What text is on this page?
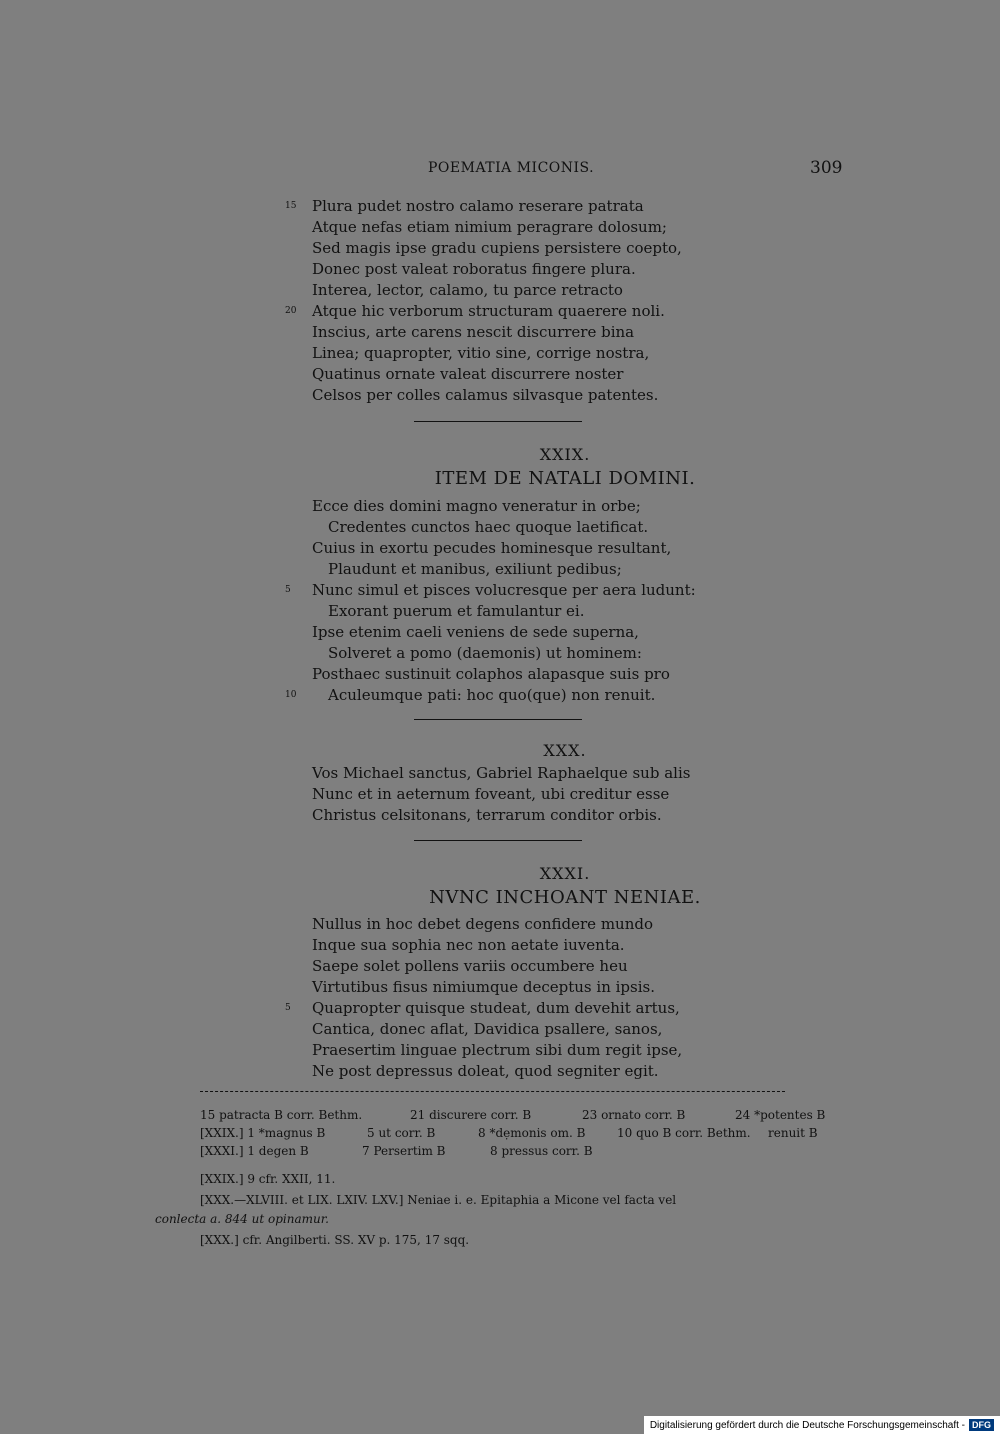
POEMATIA MICONIS.	309
15 Plura pudet nostro calamo reserare patrata
Atque nefas etiam nimium peragrare dolosum;
Sed magis ipse gradu cupiens persistere coepto,
Donec post valeat roboratus fingere plura.
Interea, lector, calamo, tu parce retracto
20 Atque hic verborum structuram quaerere noli.
Inscius, arte carens nescit discurrere bina
Linea; quapropter, vitio sine, corrige nostra,
Quatinus ornate valeat discurrere noster
Celsos per colles calamus silvasque patentes.
XXIX.
ITEM DE NATALI DOMINI.
Ecce dies domini magno veneratur in orbe;
Credentes cunctos haec quoque laetificat.
Cuius in exortu pecudes hominesque resultant,
Plaudunt et manibus, exiliunt pedibus;
5 Nunc simul et pisces volucresque per aera ludunt:
Exorant puerum et famulantur ei.
Ipse etenim caeli veniens de sede superna,
Solveret a pomo (daemonis) ut hominem:
Posthaec sustinuit colaphos alapasque suis pro
10 Aculeumque pati: hoc quo(que) non renuit.
XXX.
Vos Michael sanctus, Gabriel Raphaelque sub alis
Nunc et in aeternum foveant, ubi creditur esse
Christus celsitonans, terrarum conditor orbis.
XXXI.
NVNC INCHOANT NENIAE.
Nullus in hoc debet degens confidere mundo
Inque sua sophia nec non aetate iuventa.
Saepe solet pollens variis occumbere heu
Virtutibus fisus nimiumque deceptus in ipsis.
5 Quapropter quisque studeat, dum devehit artus,
Cantica, donec aflat, Davidica psallere, sanos,
Praesertim linguae plectrum sibi dum regit ipse,
Ne post depressus doleat, quod segniter egit.
15 patracta B corr. Bethm.	21 discurere corr. B	23 ornato corr. B	24 *potentes B
[XXIX.] 1 *magnus B	5 ut corr. B	8 *dẹmonis om. B	10 quo B corr. Bethm. renuit B
[XXXI.] 1 degen B	7 Persertim B	8 pressus corr. B
[XXIX.] 9 cfr. XXII, 11.
[XXX.—XLVIII. et LIX. LXIV. LXV.] Neniae i. e. Epitaphia a Micone vel facta vel
conlecta a. 844 ut opinamur.
[XXX.] cfr. Angilberti. SS. XV p. 175, 17 sqq.
Digitalisierung gefördert durch die Deutsche Forschungsgemeinschaft - DFG
